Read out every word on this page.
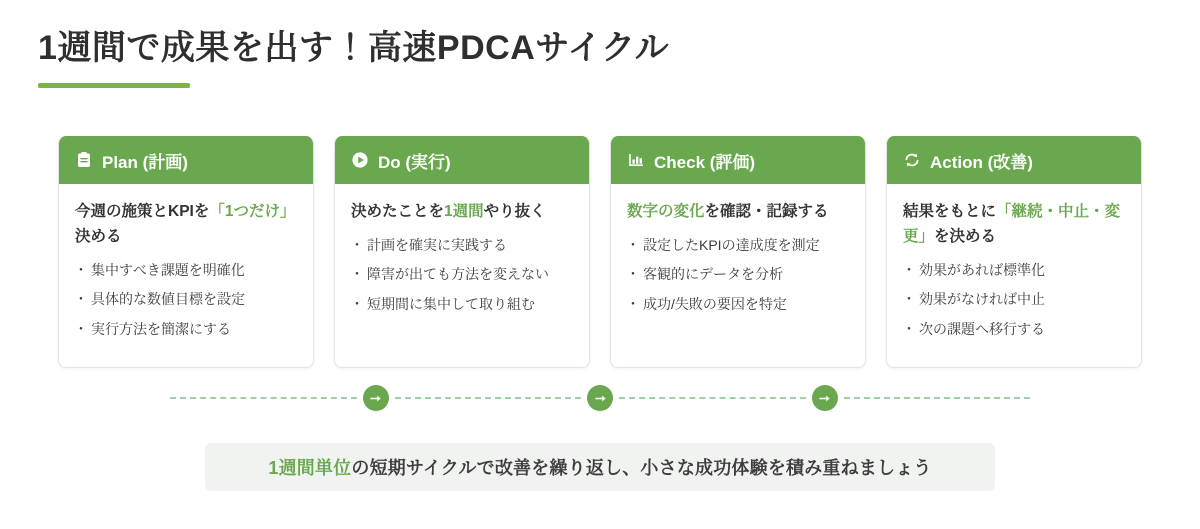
1週間で成果を出す！高速PDCAサイクル
Plan (計画)
今週の施策とKPIを「1つだけ」決める
・ 集中すべき課題を明確化
・ 具体的な数値目標を設定
・ 実行方法を簡潔にする
Do (実行)
決めたことを1週間やり抜く
・ 計画を確実に実践する
・ 障害が出ても方法を変えない
・ 短期間に集中して取り組む
Check (評価)
数字の変化を確認・記録する
・ 設定したKPIの達成度を測定
・ 客観的にデータを分析
・ 成功/失敗の要因を特定
Action (改善)
結果をもとに「継続・中止・変更」を決める
・ 効果があれば標準化
・ 効果がなければ中止
・ 次の課題へ移行する
1週間単位 の短期サイクルで改善を繰り返し、小さな成功体験を積み重ねましょう
